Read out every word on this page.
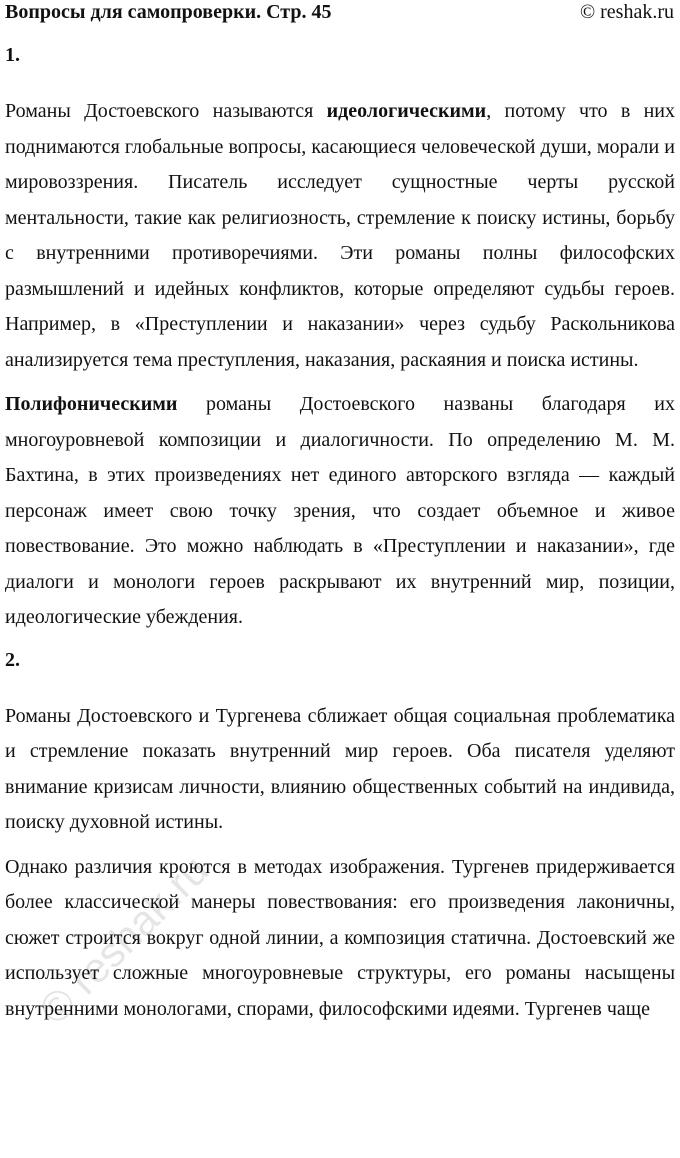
Вопросы для самопроверки. Стр. 45	© reshak.ru
1.

Романы Достоевского называются идеологическими, потому что в них поднимаются глобальные вопросы, касающиеся человеческой души, морали и мировоззрения. Писатель исследует сущностные черты русской ментальности, такие как религиозность, стремление к поиску истины, борьбу с внутренними противоречиями. Эти романы полны философских размышлений и идейных конфликтов, которые определяют судьбы героев. Например, в «Преступлении и наказании» через судьбу Раскольникова анализируется тема преступления, наказания, раскаяния и поиска истины.

Полифоническими романы Достоевского названы благодаря их многоуровневой композиции и диалогичности. По определению М. М. Бахтина, в этих произведениях нет единого авторского взгляда — каждый персонаж имеет свою точку зрения, что создает объемное и живое повествование. Это можно наблюдать в «Преступлении и наказании», где диалоги и монологи героев раскрывают их внутренний мир, позиции, идеологические убеждения.

2.

Романы Достоевского и Тургенева сближает общая социальная проблематика и стремление показать внутренний мир героев. Оба писателя уделяют внимание кризисам личности, влиянию общественных событий на индивида, поиску духовной истины.

Однако различия кроются в методах изображения. Тургенев придерживается более классической манеры повествования: его произведения лаконичны, сюжет строится вокруг одной линии, а композиция статична. Достоевский же использует сложные многоуровневые структуры, его романы насыщены внутренними монологами, спорами, философскими идеями. Тургенев чаще

© reshak.ru
